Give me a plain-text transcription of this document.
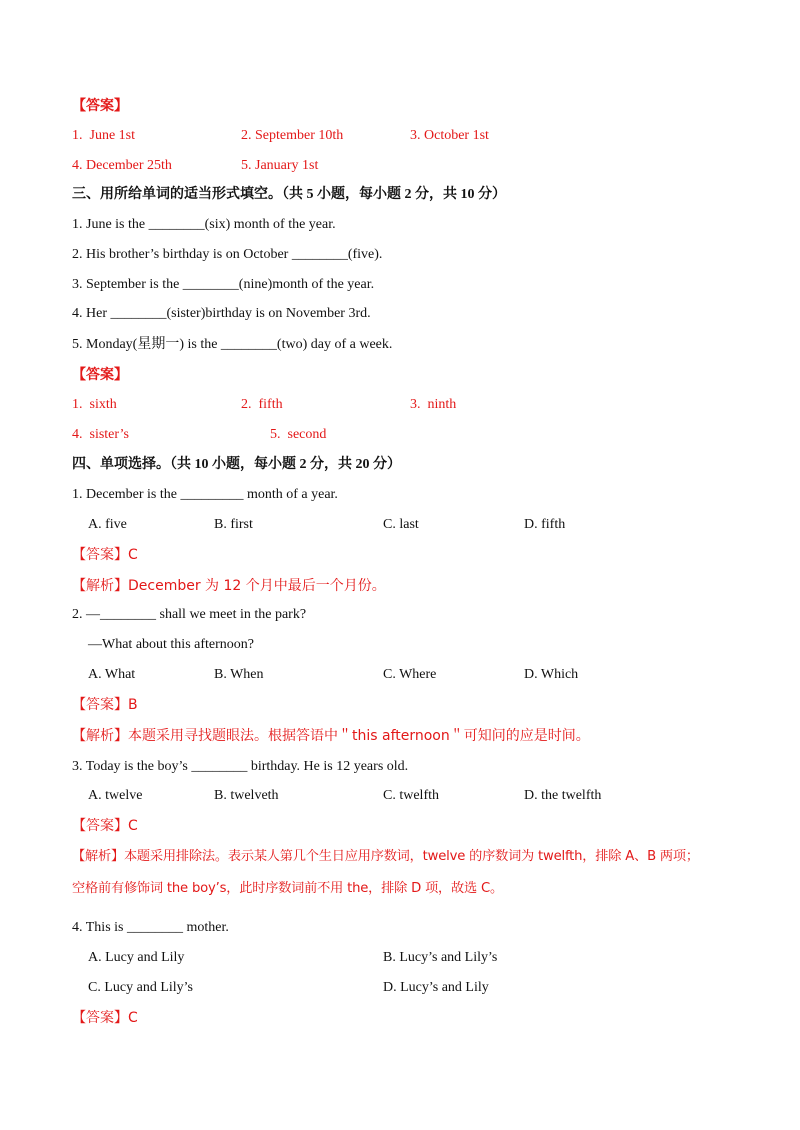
【答案】

1.  June 1st

	2. September 10th

	3. October 1st

4. December 25th

	5. January 1st

三、用所给单词的适当形式填空。（共 5 小题，每小题 2 分，共 10 分）
1. June is the ________(six) month of the year.
2. His brother’s birthday is on October ________(five).
3. September is the ________(nine)month of the year.
4. Her ________(sister)birthday is on November 3rd.
5. Monday(星期一) is the ________(two) day of a week.
【答案】

1.  sixth

	2.  fifth

	3.  ninth

4.  sister’s

	5.  second

四、单项选择。（共 10 小题，每小题 2 分，共 20 分）
1. December is the _________ month of a year.

A. five

	B. first

	C. last

	D. fifth

【答案】C
【解析】December 为 12 个月中最后一个月份。
2. —________ shall we meet in the park?
—What about this afternoon?

A. What

	B. When

	C. Where

	D. Which

【答案】B
【解析】本题采用寻找题眼法。根据答语中＂this afternoon＂可知问的应是时间。
3. Today is the boy’s ________ birthday. He is 12 years old.

A. twelve

	B. twelveth

	C. twelfth

	D. the twelfth

【答案】C
【解析】本题采用排除法。表示某人第几个生日应用序数词，twelve 的序数词为 twelfth，排除 A、B 两项；
空格前有修饰词 the boy’s，此时序数词前不用 the，排除 D 项，故选 C。
4. This is ________ mother.

A. Lucy and Lily

	B. Lucy’s and Lily’s

C. Lucy and Lily’s

	D. Lucy’s and Lily

【答案】C
